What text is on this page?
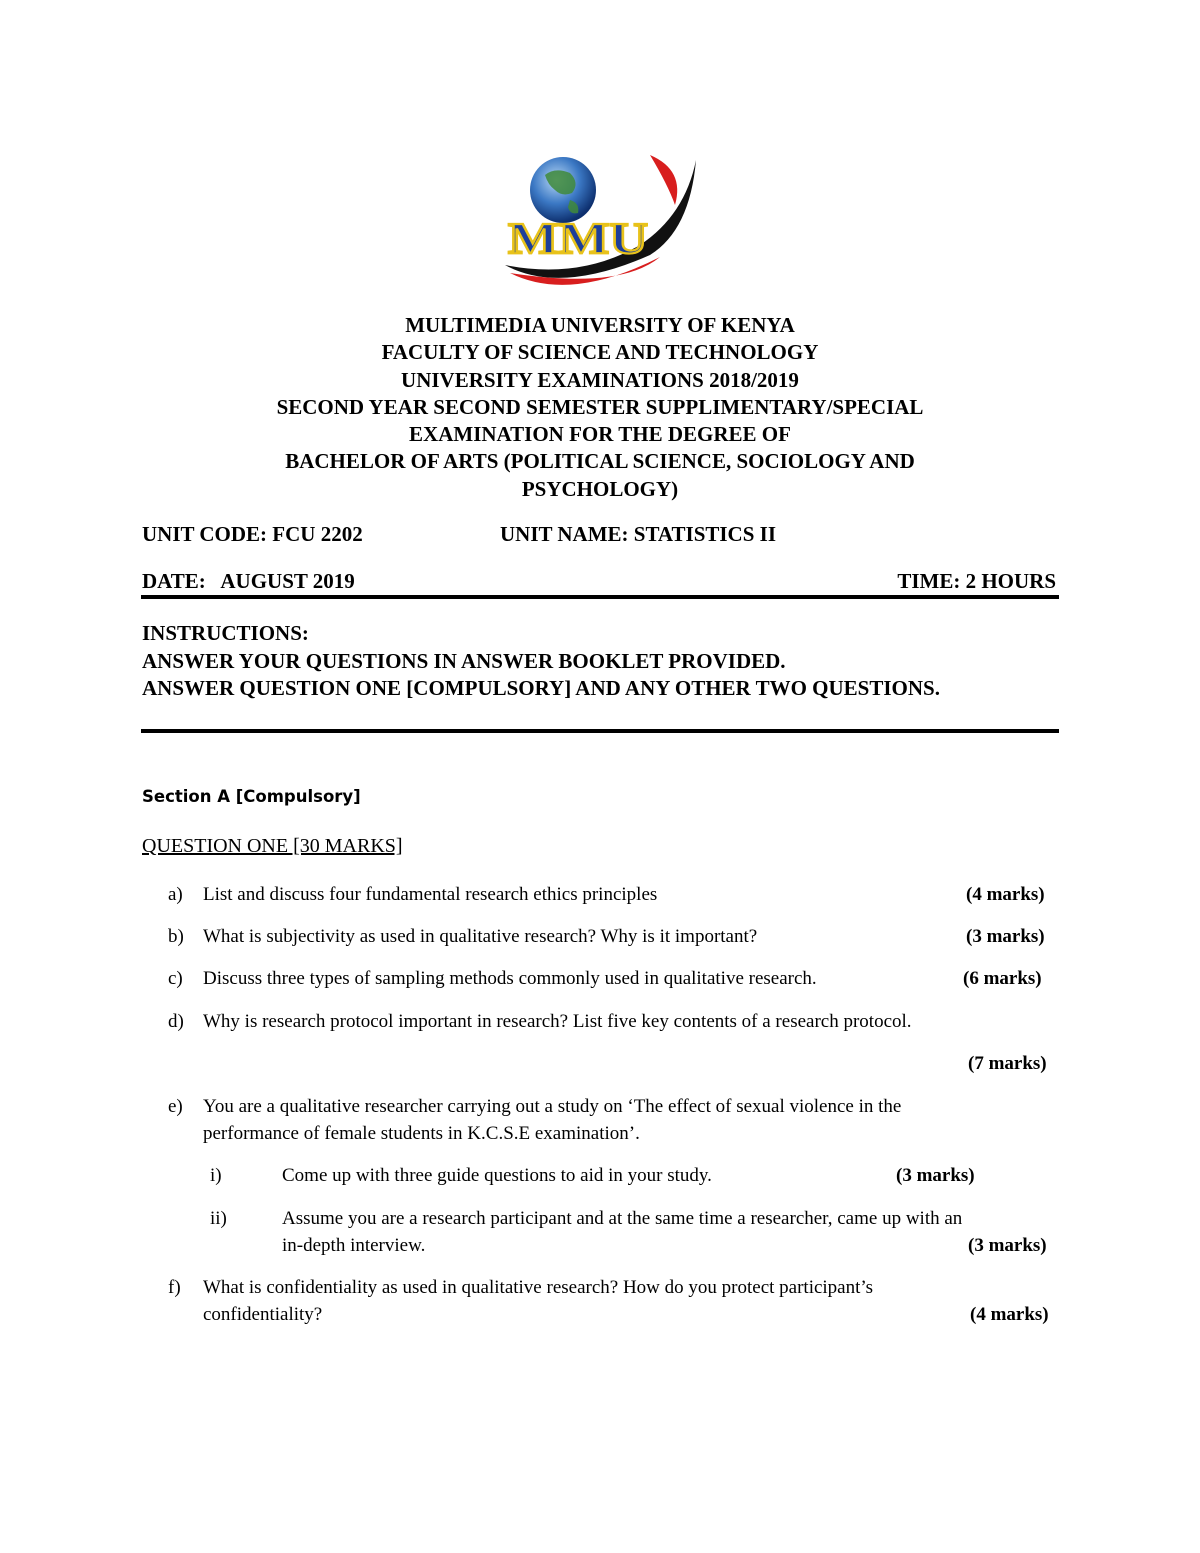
MMU
MULTIMEDIA UNIVERSITY OF KENYA
FACULTY OF SCIENCE AND TECHNOLOGY
UNIVERSITY EXAMINATIONS 2018/2019
SECOND YEAR SECOND SEMESTER SUPPLIMENTARY/SPECIAL
EXAMINATION FOR THE DEGREE OF
BACHELOR OF ARTS (POLITICAL SCIENCE, SOCIOLOGY AND
PSYCHOLOGY)
UNIT CODE: FCU 2202	UNIT NAME: STATISTICS II
DATE:   AUGUST 2019	TIME: 2 HOURS
INSTRUCTIONS:
ANSWER YOUR QUESTIONS IN ANSWER BOOKLET PROVIDED.
ANSWER QUESTION ONE [COMPULSORY] AND ANY OTHER TWO QUESTIONS.
Section A [Compulsory]
QUESTION ONE [30 MARKS]
a) List and discuss four fundamental research ethics principles	(4 marks)
b) What is subjectivity as used in qualitative research? Why is it important?	(3 marks)
c) Discuss three types of sampling methods commonly used in qualitative research.	(6 marks)
d) Why is research protocol important in research? List five key contents of a research protocol.
(7 marks)
e) You are a qualitative researcher carrying out a study on ‘The effect of sexual violence in the
performance of female students in K.C.S.E examination’.
i)	Come up with three guide questions to aid in your study.	(3 marks)
ii)	Assume you are a research participant and at the same time a researcher, came up with an
in-depth interview.	(3 marks)
f) What is confidentiality as used in qualitative research? How do you protect participant’s
confidentiality?	(4 marks)
